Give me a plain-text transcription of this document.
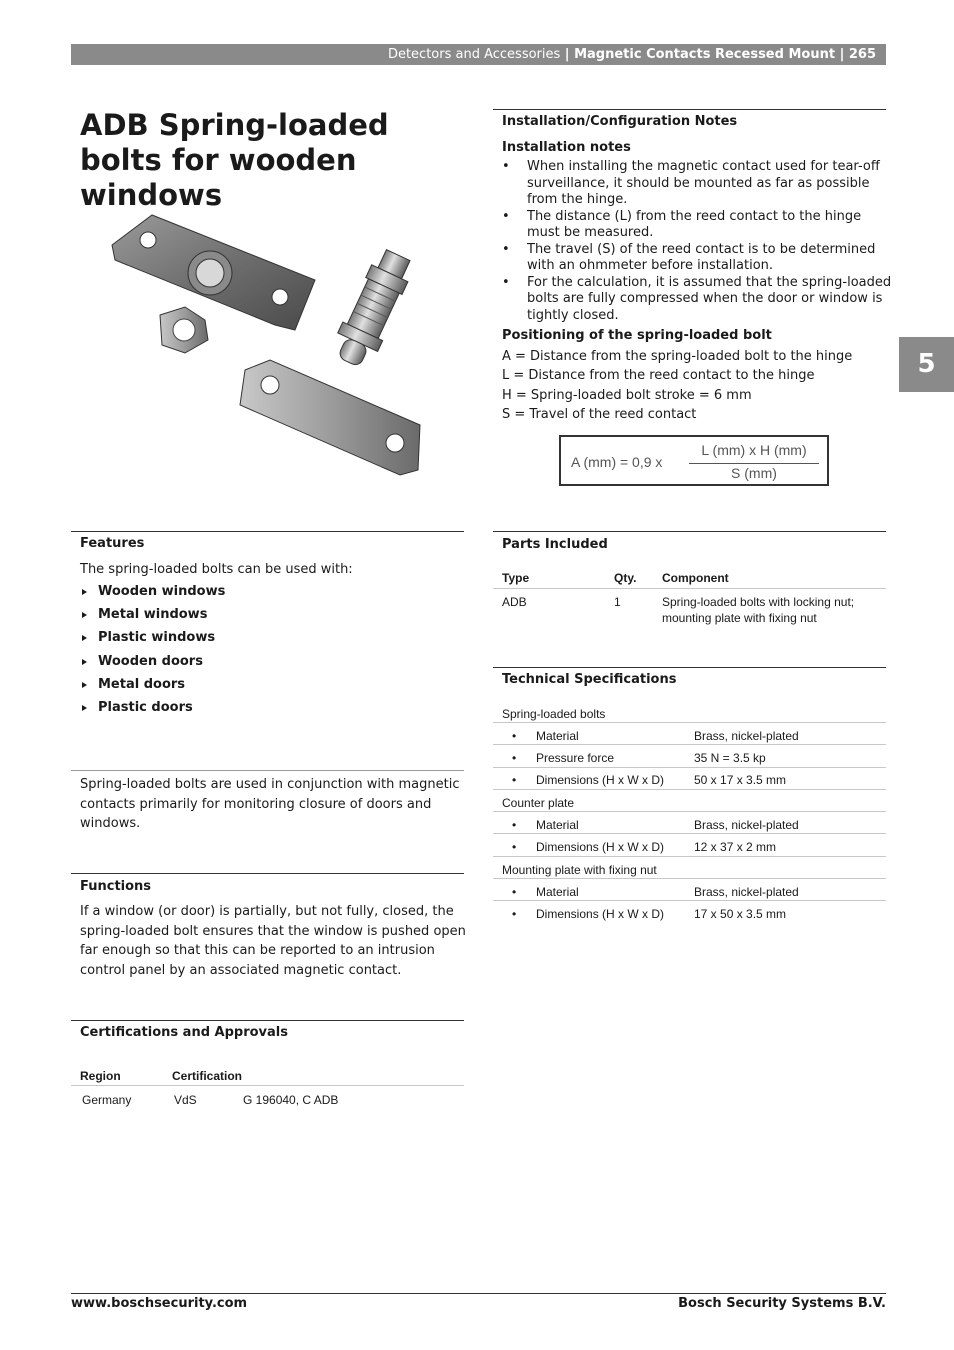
Detectors and Accessories | Magnetic Contacts Recessed Mount | 265
5
ADB Spring-loaded bolts for wooden windows
Installation/Configuration Notes
Installation notes
• When installing the magnetic contact used for tear-off surveillance, it should be mounted as far as possible from the hinge.
• The distance (L) from the reed contact to the hinge must be measured.
• The travel (S) of the reed contact is to be determined with an ohmmeter before installation.
• For the calculation, it is assumed that the spring-loaded bolts are fully compressed when the door or window is tightly closed.
Positioning of the spring-loaded bolt
A = Distance from the spring-loaded bolt to the hinge
L = Distance from the reed contact to the hinge
H = Spring-loaded bolt stroke = 6 mm
S = Travel of the reed contact
A (mm) = 0,9 x
L (mm) x H (mm)
S (mm)
Features
The spring-loaded bolts can be used with:
Wooden windows
Metal windows
Plastic windows
Wooden doors
Metal doors
Plastic doors
Spring-loaded bolts are used in conjunction with magnetic contacts primarily for monitoring closure of doors and windows.
Functions
If a window (or door) is partially, but not fully, closed, the spring-loaded bolt ensures that the window is pushed open far enough so that this can be reported to an intrusion control panel by an associated magnetic contact.
Certifications and Approvals
Region	Certification
Germany	VdS	G 196040, C ADB
Parts Included
Type	Qty. Component
ADB	1	Spring-loaded bolts with locking nut;
mounting plate with fixing nut
Technical Specifications
Spring-loaded bolts
• Material	Brass, nickel-plated
• Pressure force	35 N = 3.5 kp
• Dimensions (H x W x D) 50 x 17 x 3.5 mm
Counter plate
• Material	Brass, nickel-plated
• Dimensions (H x W x D) 12 x 37 x 2 mm
Mounting plate with fixing nut
• Material	Brass, nickel-plated
• Dimensions (H x W x D) 17 x 50 x 3.5 mm
www.boschsecurity.com	Bosch Security Systems B.V.
